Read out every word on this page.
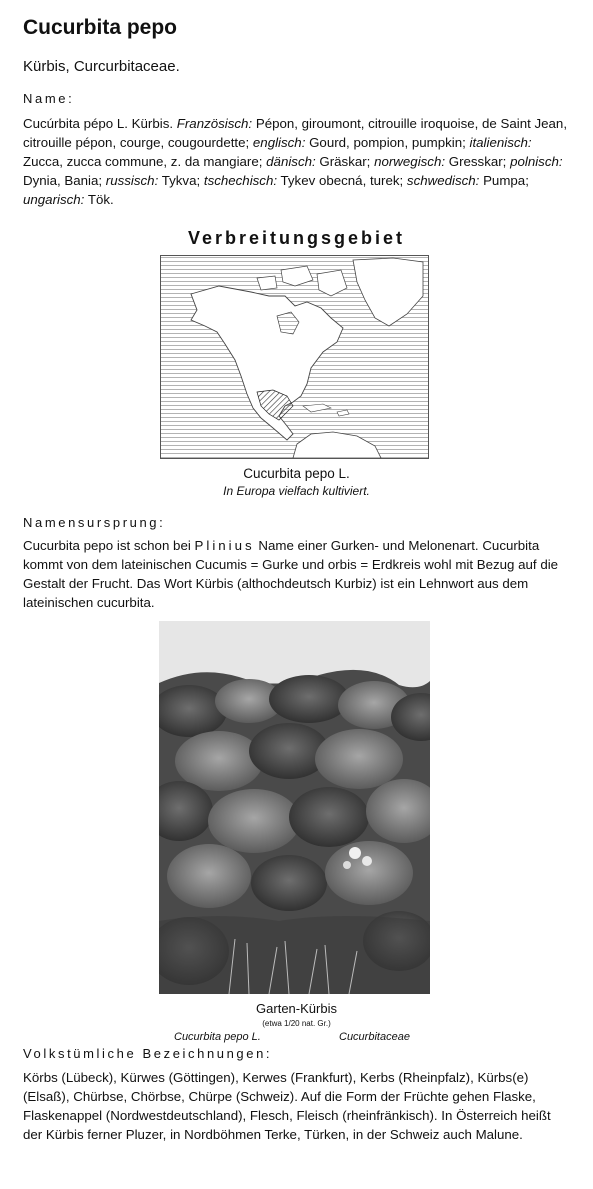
Cucurbita pepo

Kürbis, Curcurbitaceae.

Name:

Cucúrbita pépo L. Kürbis. Französisch: Pépon, giroumont, citrouille iroquoise, de Saint Jean, citrouille pépon, courge, cougourdette; englisch: Gourd, pompion, pumpkin; italienisch: Zucca, zucca commune, z. da mangiare; dänisch: Gräskar; norwegisch: Gresskar; polnisch: Dynia, Bania; russisch: Tykva; tschechisch: Tykev obecná, turek; schwedisch: Pumpa; ungarisch: Tök.

Verbreitungsgebiet

Cucurbita pepo L.

In Europa vielfach kultiviert.

Namensursprung:

Cucurbita pepo ist schon bei Plinius Name einer Gurken- und Melonenart. Cucurbita kommt von dem lateinischen Cucumis = Gurke und orbis = Erdkreis wohl mit Bezug auf die Gestalt der Frucht. Das Wort Kürbis (althochdeutsch Kurbiz) ist ein Lehnwort aus dem lateinischen cucurbita.

Garten-Kürbis

(etwa 1/20 nat. Gr.)

Cucurbita pepo L.	Cucurbitaceae

Volkstümliche Bezeichnungen:

Körbs (Lübeck), Kürwes (Göttingen), Kerwes (Frankfurt), Kerbs (Rheinpfalz), Kürbs(e) (Elsaß), Chürbse, Chörbse, Chürpe (Schweiz). Auf die Form der Früchte gehen Flaske, Flaskenappel (Nordwestdeutschland), Flesch, Fleisch (rheinfränkisch). In Österreich heißt der Kürbis ferner Pluzer, in Nordböhmen Terke, Türken, in der Schweiz auch Malune.
